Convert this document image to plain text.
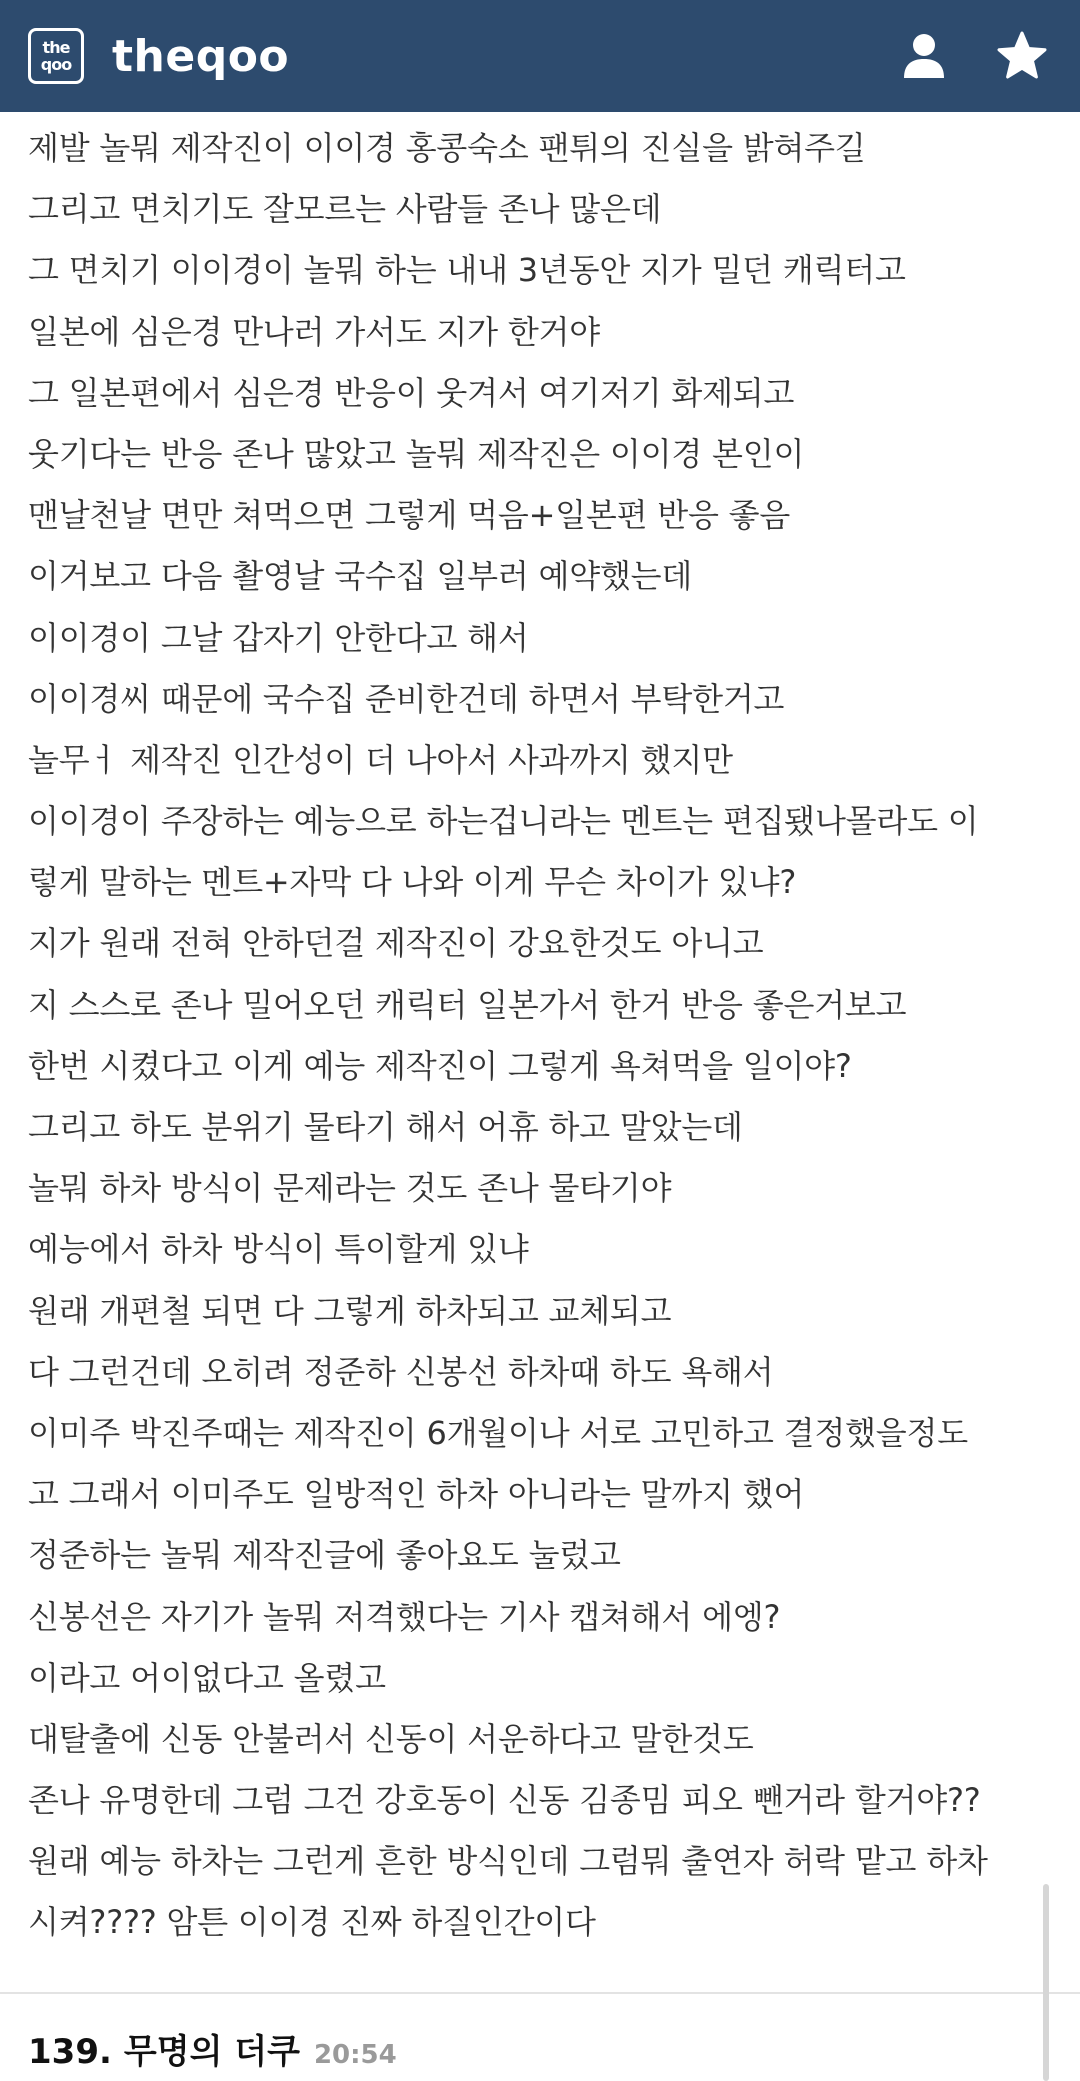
the
qoo theqoo
제발 놀뭐 제작진이 이이경 홍콩숙소 팬튀의 진실을 밝혀주길
그리고 면치기도 잘모르는 사람들 존나 많은데
그 면치기 이이경이 놀뭐 하는 내내 3년동안 지가 밀던 캐릭터고
일본에 심은경 만나러 가서도 지가 한거야
그 일본편에서 심은경 반응이 웃겨서 여기저기 화제되고
웃기다는 반응 존나 많았고 놀뭐 제작진은 이이경 본인이
맨날천날 면만 쳐먹으면 그렇게 먹음+일본편 반응 좋음
이거보고 다음 촬영날 국수집 일부러 예약했는데
이이경이 그날 갑자기 안한다고 해서
이이경씨 때문에 국수집 준비한건데 하면서 부탁한거고
놀무ㅓ 제작진 인간성이 더 나아서 사과까지 했지만
이이경이 주장하는 예능으로 하는겁니라는 멘트는 편집됐나몰라도 이
렇게 말하는 멘트+자막 다 나와 이게 무슨 차이가 있냐?
지가 원래 전혀 안하던걸 제작진이 강요한것도 아니고
지 스스로 존나 밀어오던 캐릭터 일본가서 한거 반응 좋은거보고
한번 시켰다고 이게 예능 제작진이 그렇게 욕쳐먹을 일이야?
그리고 하도 분위기 물타기 해서 어휴 하고 말았는데
놀뭐 하차 방식이 문제라는 것도 존나 물타기야
예능에서 하차 방식이 특이할게 있냐
원래 개편철 되면 다 그렇게 하차되고 교체되고
다 그런건데 오히려 정준하 신봉선 하차때 하도 욕해서
이미주 박진주때는 제작진이 6개월이나 서로 고민하고 결정했을정도
고 그래서 이미주도 일방적인 하차 아니라는 말까지 했어
정준하는 놀뭐 제작진글에 좋아요도 눌렀고
신봉선은 자기가 놀뭐 저격했다는 기사 캡쳐해서 에엥?
이라고 어이없다고 올렸고
대탈출에 신동 안불러서 신동이 서운하다고 말한것도
존나 유명한데 그럼 그건 강호동이 신동 김종밈 피오 뺀거라 할거야??
원래 예능 하차는 그런게 흔한 방식인데 그럼뭐 출연자 허락 맡고 하차
시켜???? 암튼 이이경 진짜 하질인간이다
139. 무명의 더쿠 20:54
